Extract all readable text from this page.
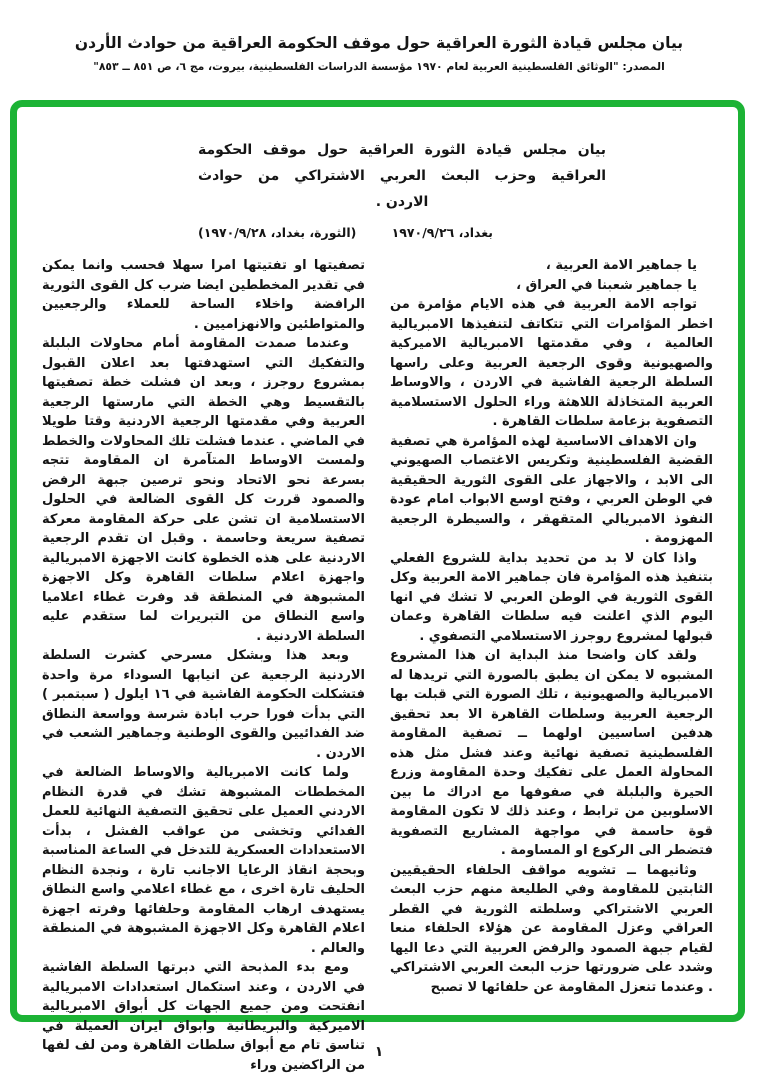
بيان مجلس قيادة الثورة العراقية حول موقف الحكومة العراقية من حوادث الأردن
المصدر: "الوثائق الفلسطينية العربية لعام ١٩٧٠ مؤسسة الدراسات الفلسطينية، بيروت، مج ٦، ص ٨٥١ ــ ٨٥٣"
بيان مجلس قيادة الثورة العراقية حول موقف الحكومة
العراقية وحزب البعث العربي الاشتراكي من حوادث
الاردن .
بغداد، ١٩٧٠/٩/٢٦
(الثورة، بغداد، ١٩٧٠/٩/٢٨)
يا جماهير الامة العربية ،
يا جماهير شعبنا في العراق ،

تواجه الامة العربية في هذه الايام مؤامرة من اخطر المؤامرات التي تتكاتف لتنفيذها الامبريالية العالمية ، وفي مقدمتها الامبريالية الاميركية والصهيونية وقوى الرجعية العربية وعلى راسها السلطة الرجعية الفاشية في الاردن ، والاوساط العربية المتخاذلة اللاهثة وراء الحلول الاستسلامية التصفوية بزعامة سلطات القاهرة .

وان الاهداف الاساسية لهذه المؤامرة هي تصفية القضية الفلسطينية وتكريس الاغتصاب الصهيوني الى الابد ، والاجهاز على القوى الثورية الحقيقية في الوطن العربي ، وفتح اوسع الابواب امام عودة النفوذ الامبريالي المتقهقر ، والسيطرة الرجعية المهزومة .

واذا كان لا بد من تحديد بداية للشروع الفعلي بتنفيذ هذه المؤامرة فان جماهير الامة العربية وكل القوى الثورية في الوطن العربي لا تشك في انها اليوم الذي اعلنت فيه سلطات القاهرة وعمان قبولها لمشروع روجرز الاستسلامي التصفوي .

ولقد كان واضحا منذ البداية ان هذا المشروع المشبوه لا يمكن ان يطبق بالصورة التي تريدها له الامبريالية والصهيونية ، تلك الصورة التي قبلت بها الرجعية العربية وسلطات القاهرة الا بعد تحقيق هدفين اساسيين اولهما ــ تصفية المقاومة الفلسطينية تصفية نهائية وعند فشل مثل هذه المحاولة العمل على تفكيك وحدة المقاومة وزرع الحيرة والبلبلة في صفوفها مع ادراك ما بين الاسلوبين من ترابط ، وعند ذلك لا تكون المقاومة قوة حاسمة في مواجهة المشاريع التصفوية فتضطر الى الركوع او المساومة .

وثانيهما ــ تشويه مواقف الحلفاء الحقيقيين الثابتين للمقاومة وفي الطليعة منهم حزب البعث العربي الاشتراكي وسلطته الثورية في القطر العراقي وعزل المقاومة عن هؤلاء الحلفاء منعا لقيام جبهة الصمود والرفض العربية التي دعا اليها وشدد على ضرورتها حزب البعث العربي الاشتراكي . وعندما تنعزل المقاومة عن حلفائها لا تصبح

تصفيتها او تفتيتها امرا سهلا فحسب وانما يمكن في تقدير المخططين ايضا ضرب كل القوى الثورية الرافضة واخلاء الساحة للعملاء والرجعيين والمتواطئين والانهزاميين .

وعندما صمدت المقاومة أمام محاولات البلبلة والتفكيك التي استهدفتها بعد اعلان القبول بمشروع روجرز ، وبعد ان فشلت خطة تصفيتها بالتقسيط وهي الخطة التي مارستها الرجعية العربية وفي مقدمتها الرجعية الاردنية وقتا طويلا في الماضي . عندما فشلت تلك المحاولات والخطط ولمست الاوساط المتآمرة ان المقاومة تتجه بسرعة نحو الاتحاد ونحو ترصين جبهة الرفض والصمود قررت كل القوى الضالعة في الحلول الاستسلامية ان تشن على حركة المقاومة معركة تصفية سريعة وحاسمة . وقبل ان تقدم الرجعية الاردنية على هذه الخطوة كانت الاجهزة الامبريالية واجهزة اعلام سلطات القاهرة وكل الاجهزة المشبوهة في المنطقة قد وفرت غطاء اعلاميا واسع النطاق من التبريرات لما ستقدم عليه السلطة الاردنية .

وبعد هذا وبشكل مسرحي كشرت السلطة الاردنية الرجعية عن انيابها السوداء مرة واحدة فتشكلت الحكومة الفاشية في ١٦ ايلول ( سبتمبر ) التي بدأت فورا حرب ابادة شرسة وواسعة النطاق ضد الفدائيين والقوى الوطنية وجماهير الشعب في الاردن .

ولما كانت الامبريالية والاوساط الضالعة في المخططات المشبوهة تشك في قدرة النظام الاردني العميل على تحقيق التصفية النهائية للعمل الفدائي وتخشى من عواقب الفشل ، بدأت الاستعدادات العسكرية للتدخل في الساعة المناسبة وبحجة انقاذ الرعايا الاجانب تارة ، ونجدة النظام الحليف تارة اخرى ، مع غطاء اعلامي واسع النطاق يستهدف ارهاب المقاومة وحلفائها وفرته اجهزة اعلام القاهرة وكل الاجهزة المشبوهة في المنطقة والعالم .

ومع بدء المذبحة التي دبرتها السلطة الفاشية في الاردن ، وعند استكمال استعدادات الامبريالية انفتحت ومن جميع الجهات كل أبواق الامبريالية الاميركية والبريطانية وابواق ايران العميلة في تناسق تام مع أبواق سلطات القاهرة ومن لف لفها من الراكضين وراء

١
